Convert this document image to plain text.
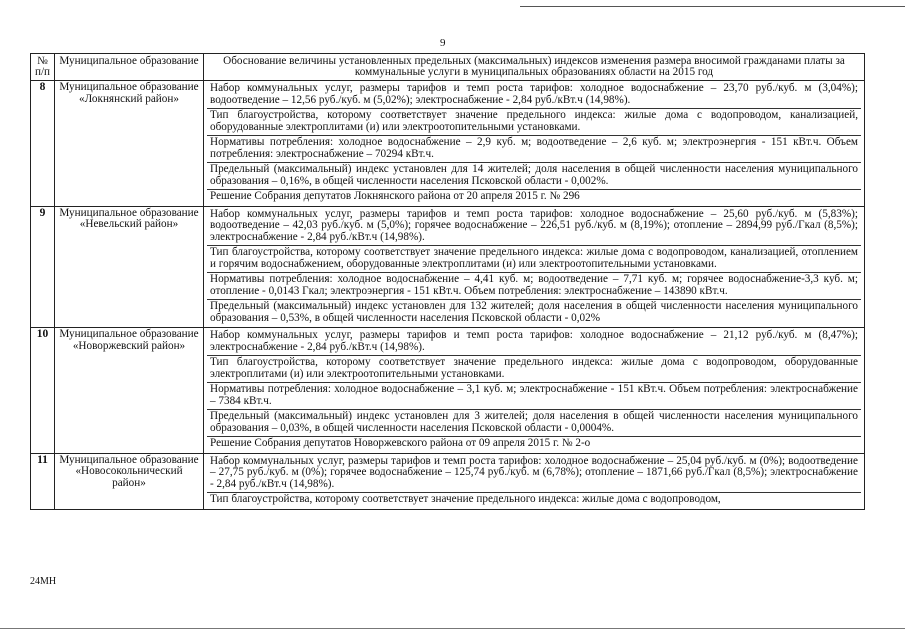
9
№ п/п	Муниципальное образование	Обоснование величины установленных предельных (максимальных) индексов изменения размера вносимой гражданами платы за коммунальные услуги в муниципальных образованиях области на 2015 год
8	Муниципальное образование «Локнянский район»	Набор коммунальных услуг, размеры тарифов и темп роста тарифов: холодное водоснабжение – 23,70 руб./куб. м (3,04%); водоотведение – 12,56 руб./куб. м (5,02%); электроснабжение - 2,84 руб./кВт.ч (14,98%).
Тип благоустройства, которому соответствует значение предельного индекса: жилые дома с водопроводом, канализацией, оборудованные электроплитами (и) или электроотопительными установками.
Нормативы потребления: холодное водоснабжение – 2,9 куб. м; водоотведение – 2,6 куб. м; электроэнергия - 151 кВт.ч. Объем потребления: электроснабжение – 70294 кВт.ч.
Предельный (максимальный) индекс установлен для 14 жителей; доля населения в общей численности населения муниципального образования – 0,16%, в общей численности населения Псковской области - 0,002%.
Решение Собрания депутатов Локнянского района от 20 апреля 2015 г. № 296

9	Муниципальное образование «Невельский район»	Набор коммунальных услуг, размеры тарифов и темп роста тарифов: холодное водоснабжение – 25,60 руб./куб. м (5,83%); водоотведение – 42,03 руб./куб. м (5,0%); горячее водоснабжение – 226,51 руб./куб. м (8,19%); отопление – 2894,99 руб./Гкал (8,5%); электроснабжение - 2,84 руб./кВт.ч (14,98%).
Тип благоустройства, которому соответствует значение предельного индекса: жилые дома с водопроводом, канализацией, отоплением и горячим водоснабжением, оборудованные электроплитами (и) или электроотопительными установками.
Нормативы потребления: холодное водоснабжение – 4,41 куб. м; водоотведение – 7,71 куб. м; горячее водоснабжение-3,3 куб. м; отопление - 0,0143 Гкал; электроэнергия - 151 кВт.ч. Объем потребления: электроснабжение – 143890 кВт.ч.
Предельный (максимальный) индекс установлен для 132 жителей; доля населения в общей численности населения муниципального образования – 0,53%, в общей численности населения Псковской области - 0,02%

10	Муниципальное образование «Новоржевский район»	Набор коммунальных услуг, размеры тарифов и темп роста тарифов: холодное водоснабжение – 21,12 руб./куб. м (8,47%); электроснабжение - 2,84 руб./кВт.ч (14,98%).
Тип благоустройства, которому соответствует значение предельного индекса: жилые дома с водопроводом, оборудованные электроплитами (и) или электроотопительными установками.
Нормативы потребления: холодное водоснабжение – 3,1 куб. м; электроснабжение - 151 кВт.ч. Объем потребления: электроснабжение – 7384 кВт.ч.
Предельный (максимальный) индекс установлен для 3 жителей; доля населения в общей численности населения муниципального образования – 0,03%, в общей численности населения Псковской области - 0,0004%.
Решение Собрания депутатов Новоржевского района от 09 апреля 2015 г. № 2-о

11	Муниципальное образование «Новосокольнический район»	Набор коммунальных услуг, размеры тарифов и темп роста тарифов: холодное водоснабжение – 25,04 руб./куб. м (0%); водоотведение – 27,75 руб./куб. м (0%); горячее водоснабжение – 125,74 руб./куб. м (6,78%); отопление – 1871,66 руб./Гкал (8,5%); электроснабжение - 2,84 руб./кВт.ч (14,98%).
Тип благоустройства, которому соответствует значение предельного индекса: жилые дома с водопроводом,
24МН
